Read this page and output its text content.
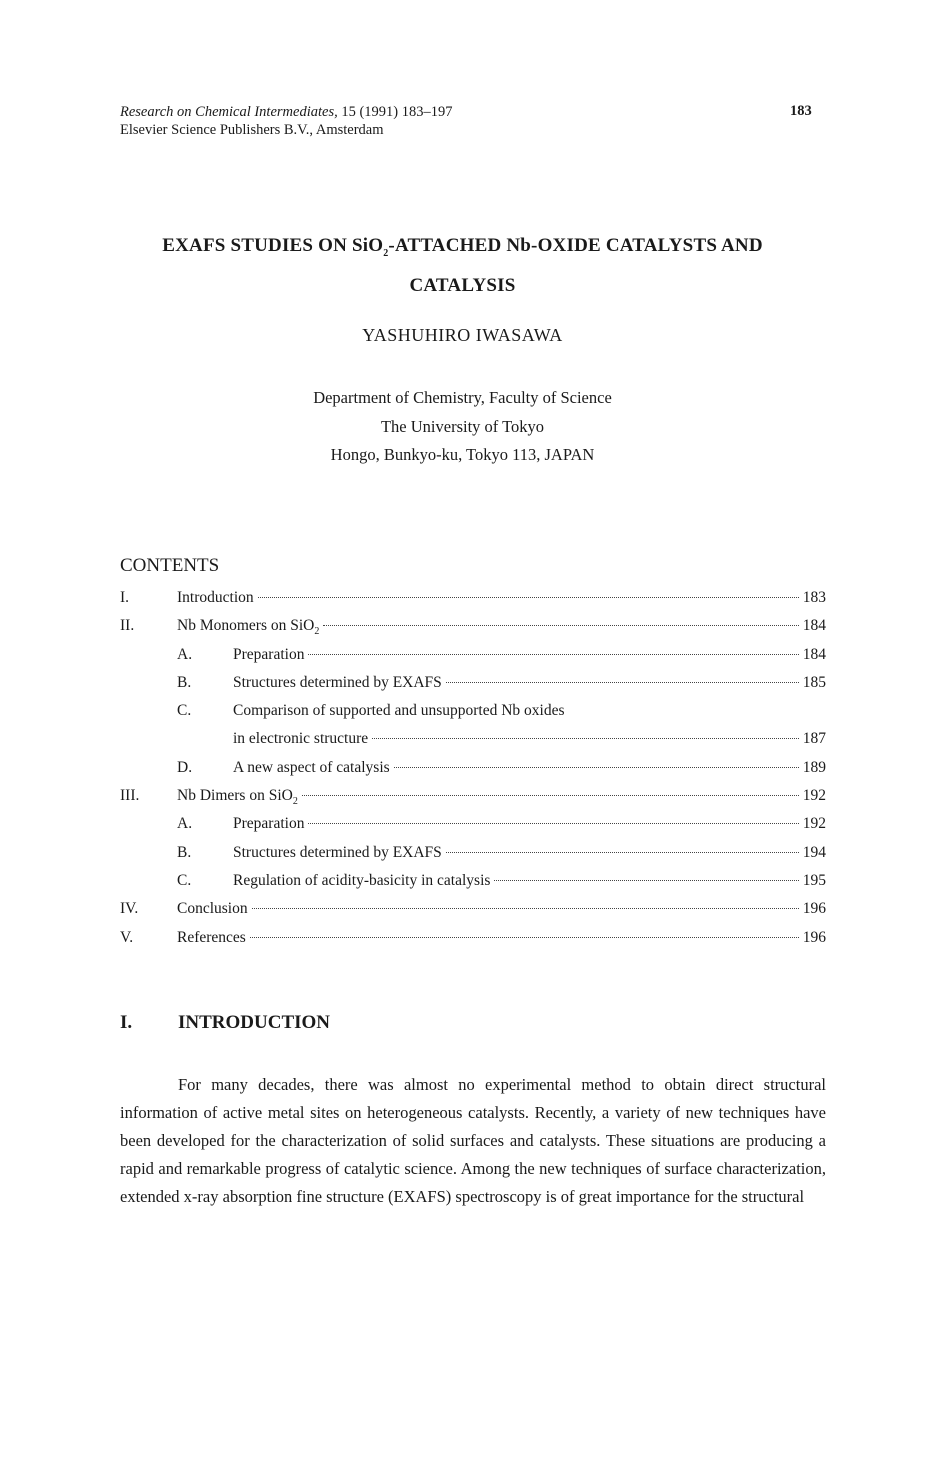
Research on Chemical Intermediates, 15 (1991) 183–197
Elsevier Science Publishers B.V., Amsterdam
183
EXAFS STUDIES ON SiO$_2$-ATTACHED Nb-OXIDE CATALYSTS AND
CATALYSIS
YASHUHIRO IWASAWA
Department of Chemistry, Faculty of Science
The University of Tokyo
Hongo, Bunkyo-ku, Tokyo 113, JAPAN
CONTENTS
I.	Introduction	183
II.	Nb Monomers on SiO$_2$	184
A.	Preparation	184
B.	Structures determined by EXAFS	185
C.	Comparison of supported and unsupported Nb oxides
in electronic structure	187
D.	A new aspect of catalysis	189
III. Nb Dimers on SiO$_2$	192
A.	Preparation	192
B.	Structures determined by EXAFS	194
C.	Regulation of acidity-basicity in catalysis	195
IV.	Conclusion	196
V.	References	196
I. INTRODUCTION
For many decades, there was almost no experimental method to obtain direct structural information of active metal sites on heterogeneous catalysts. Recently, a variety of new techniques have been developed for the characterization of solid surfaces and catalysts. These situations are producing a rapid and remarkable progress of catalytic science. Among the new techniques of surface characterization, extended x-ray absorption fine structure (EXAFS) spectroscopy is of great importance for the structural
